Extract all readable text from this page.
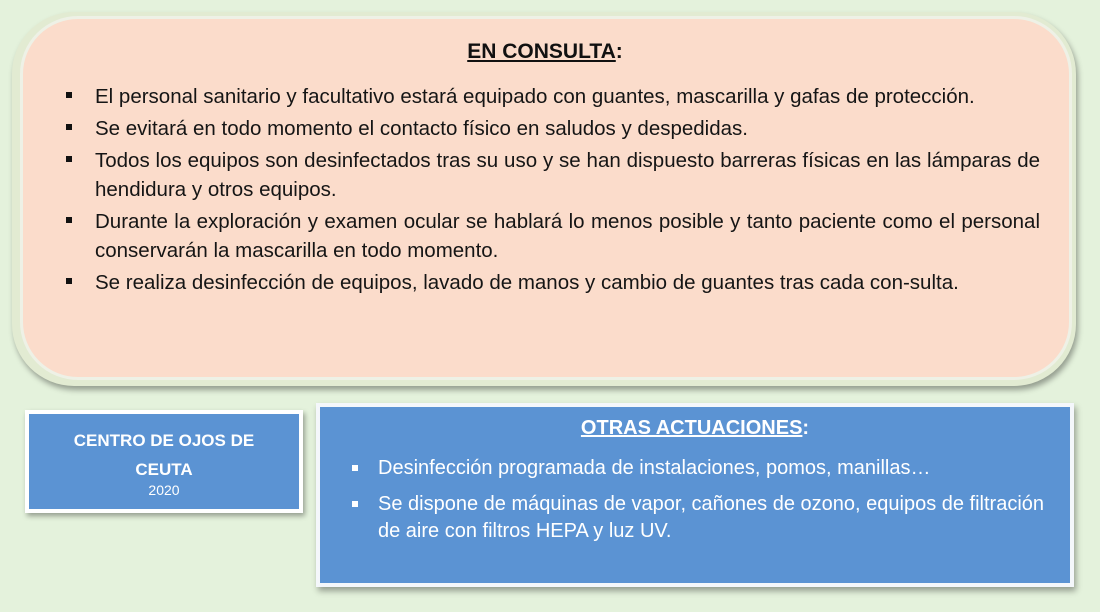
EN CONSULTA:
El personal sanitario y facultativo estará equipado con guantes, mascarilla y gafas de protección.
Se evitará en todo momento el contacto físico en saludos y despedidas.
Todos los equipos son desinfectados tras su uso y se han dispuesto barreras físicas en las lámparas de hendidura y otros equipos.
Durante la exploración y examen ocular se hablará lo menos posible y tanto paciente como el personal conservarán la mascarilla en todo momento.
Se realiza desinfección de equipos, lavado de manos y cambio de guantes tras cada con-sulta.
CENTRO DE OJOS DE
CEUTA
2020
OTRAS ACTUACIONES:
Desinfección programada de instalaciones, pomos, manillas…
Se dispone de máquinas de vapor, cañones de ozono, equipos de filtración de aire con filtros HEPA y luz UV.
